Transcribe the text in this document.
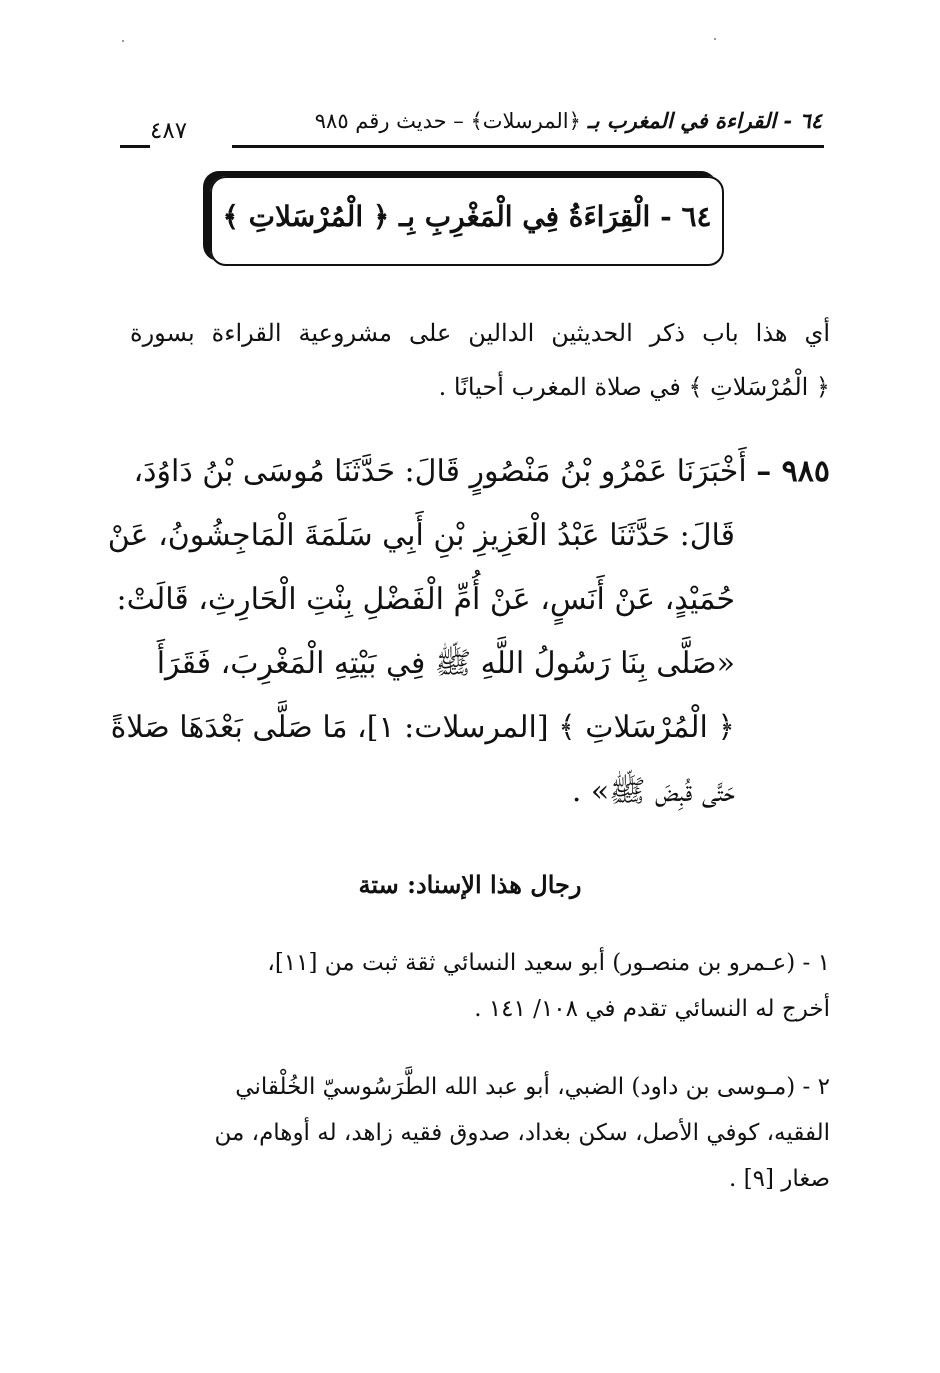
٦٤ - القراءة في المغرب بـ ﴿المرسلات﴾ – حديث رقم ٩٨٥
٤٨٧
٦٤ - الْقِرَاءَةُ فِي الْمَغْرِبِ بِـ ﴿ الْمُرْسَلاتِ ﴾
أي هذا باب ذكر الحديثين الدالين على مشروعية القراءة بسورة
﴿ الْمُرْسَلاتِ ﴾ في صلاة المغرب أحيانًا .
٩٨٥ – أَخْبَرَنَا عَمْرُو بْنُ مَنْصُورٍ قَالَ: حَدَّثَنَا مُوسَى بْنُ دَاوُدَ،
قَالَ: حَدَّثَنَا عَبْدُ الْعَزِيزِ بْنِ أَبِي سَلَمَةَ الْمَاجِشُونُ، عَنْ
حُمَيْدٍ، عَنْ أَنَسٍ، عَنْ أُمِّ الْفَضْلِ بِنْتِ الْحَارِثِ، قَالَتْ:
«صَلَّى بِنَا رَسُولُ اللَّهِ ﷺ فِي بَيْتِهِ الْمَغْرِبَ، فَقَرَأَ
﴿ الْمُرْسَلاتِ ﴾ [المرسلات: ١]، مَا صَلَّى بَعْدَهَا صَلاةً
حَتَّى قُبِضَ ﷺ» .
رجال هذا الإسناد: ستة
١ - (عـمرو بن منصـور) أبو سعيد النسائي ثقة ثبت من [١١]،
أخرج له النسائي تقدم في ١٠٨/ ١٤١ .
٢ - (مـوسى بن داود) الضبي، أبو عبد الله الطَّرَسُوسيّ الخُلْقاني
الفقيه، كوفي الأصل، سكن بغداد، صدوق فقيه زاهد، له أوهام، من
صغار [٩] .
